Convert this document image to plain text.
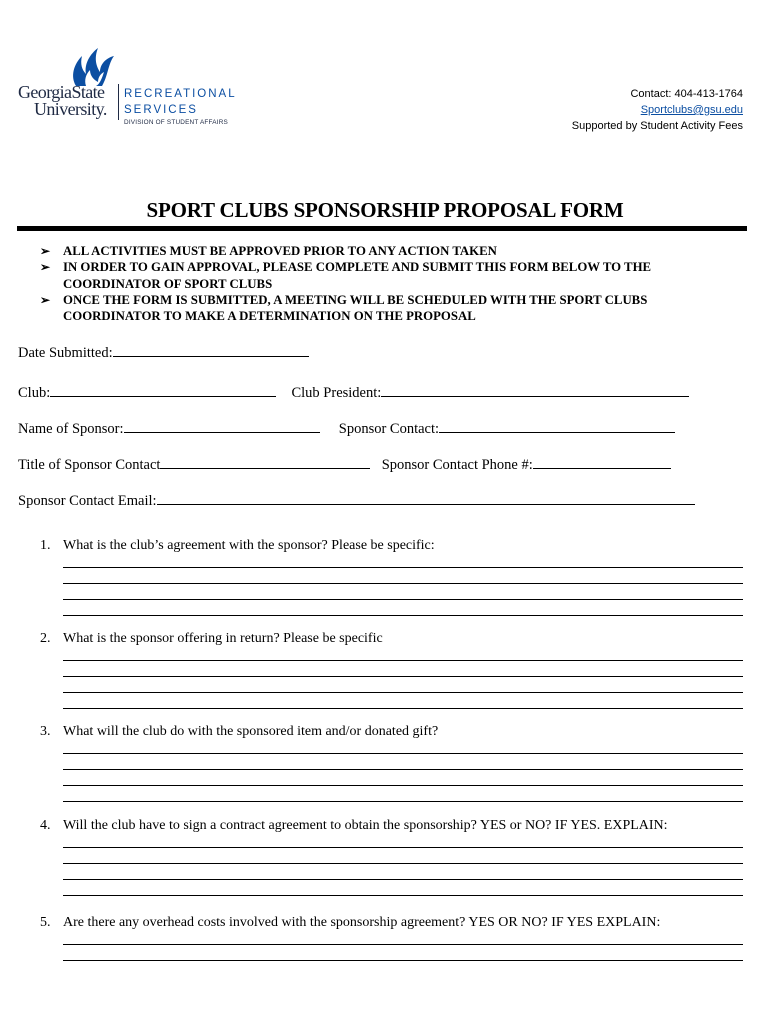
GeorgiaState
University.
RECREATIONAL
SERVICES
DIVISION OF STUDENT AFFAIRS
Contact: 404-413-1764
Sportclubs@gsu.edu
Supported by Student Activity Fees
SPORT CLUBS SPONSORSHIP PROPOSAL FORM
➢ ALL ACTIVITIES MUST BE APPROVED PRIOR TO ANY ACTION TAKEN
➢ IN ORDER TO GAIN APPROVAL, PLEASE COMPLETE AND SUBMIT THIS FORM BELOW TO THE COORDINATOR OF SPORT CLUBS
➢ ONCE THE FORM IS SUBMITTED, A MEETING WILL BE SCHEDULED WITH THE SPORT CLUBS COORDINATOR TO MAKE A DETERMINATION ON THE PROPOSAL
Date Submitted:
Club:	Club President:
Name of Sponsor:	Sponsor Contact:
Title of Sponsor Contact	Sponsor Contact Phone #:
Sponsor Contact Email:
1. What is the club’s agreement with the sponsor? Please be specific:
2. What is the sponsor offering in return? Please be specific
3. What will the club do with the sponsored item and/or donated gift?
4. Will the club have to sign a contract agreement to obtain the sponsorship? YES or NO? IF YES. EXPLAIN:
5. Are there any overhead costs involved with the sponsorship agreement? YES OR NO? IF YES EXPLAIN:
